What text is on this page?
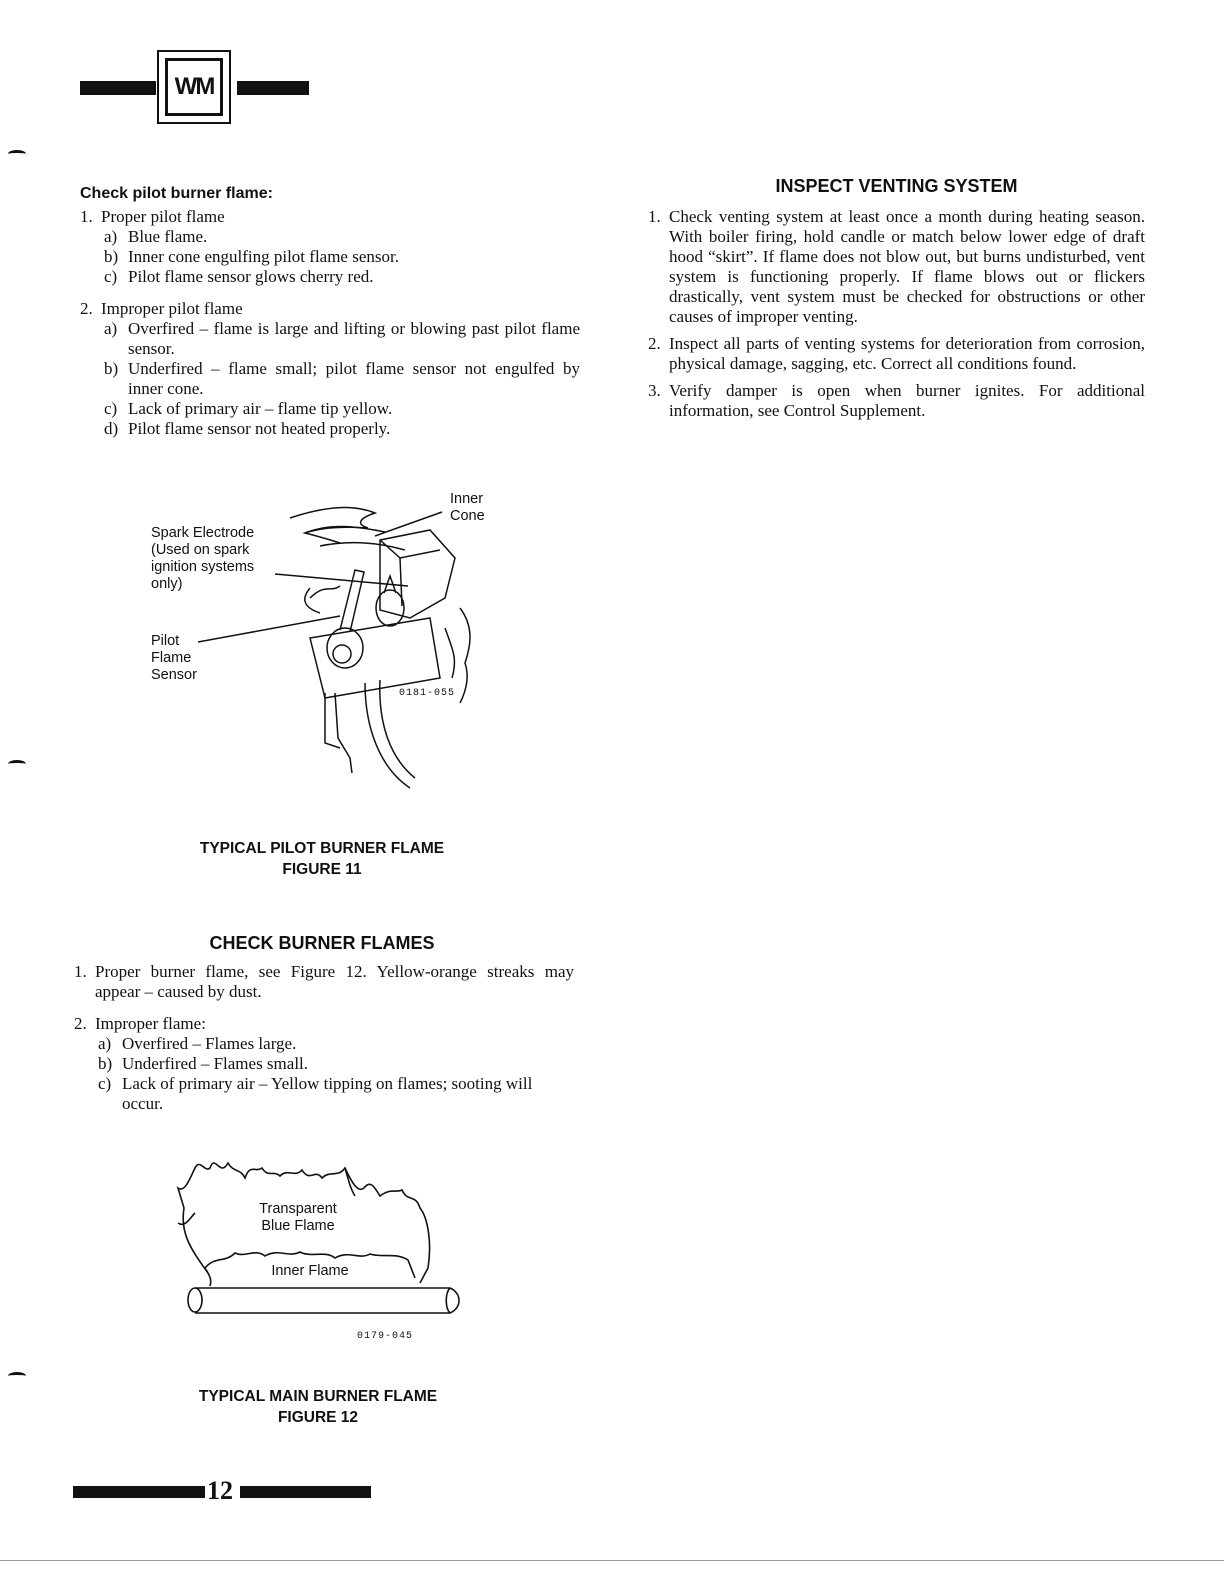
WM
Check pilot burner flame:
1. Proper pilot flame
a) Blue flame.
b) Inner cone engulfing pilot flame sensor.
c) Pilot flame sensor glows cherry red.
2. Improper pilot flame
a) Overfired – flame is large and lifting or blowing past pilot flame sensor.
b) Underfired – flame small; pilot flame sensor not engulfed by inner cone.
c) Lack of primary air – flame tip yellow.
d) Pilot flame sensor not heated properly.
Inner Cone
Spark Electrode (Used on spark ignition systems only)
Pilot Flame Sensor
0181-055
TYPICAL PILOT BURNER FLAME
FIGURE 11
CHECK BURNER FLAMES
1. Proper burner flame, see Figure 12. Yellow-orange streaks may appear – caused by dust.
2. Improper flame:
a) Overfired – Flames large.
b) Underfired – Flames small.
c) Lack of primary air – Yellow tipping on flames; sooting will occur.
Transparent Blue Flame
Inner Flame
0179-045
TYPICAL MAIN BURNER FLAME
FIGURE 12
INSPECT VENTING SYSTEM
1. Check venting system at least once a month during heating season. With boiler firing, hold candle or match below lower edge of draft hood “skirt”. If flame does not blow out, but burns undisturbed, vent system is functioning properly. If flame blows out or flickers drastically, vent system must be checked for obstructions or other causes of improper venting.
2. Inspect all parts of venting systems for deterioration from corrosion, physical damage, sagging, etc. Correct all conditions found.
3. Verify damper is open when burner ignites. For additional information, see Control Supplement.
12
